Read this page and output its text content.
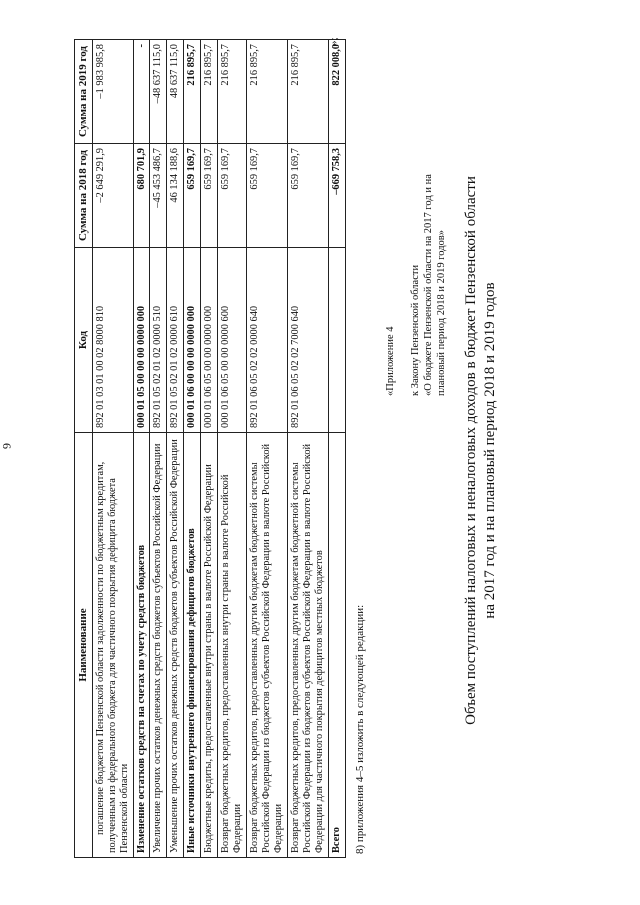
6
Наименование	Код	Сумма на 2018 год	Сумма на 2019 год
погашение бюджетом Пензенской области задолженности по бюджетным кредитам, полученным из федерального бюджета для частичного покрытия дефицита бюджета Пензенской области	892 01 03 01 00 02 8000 810	–2 649 291,9	–1 983 985,8
Изменение остатков средств на счетах по учету средств бюджетов	000 01 05 00 00 00 0000 000	680 701,9	-
Увеличение прочих остатков денежных средств бюджетов субъектов Российской Федерации	892 01 05 02 01 02 0000 510	–45 453 486,7	–48 637 115,0
Уменьшение прочих остатков денежных средств бюджетов субъектов Российской Федерации	892 01 05 02 01 02 0000 610	46 134 188,6	48 637 115,0
Иные источники внутреннего финансирования дефицитов бюджетов	000 01 06 00 00 00 0000 000	659 169,7	216 895,7
Бюджетные кредиты, предоставленные внутри страны в валюте Российской Федерации	000 01 06 05 00 00 0000 000	659 169,7	216 895,7
Возврат бюджетных кредитов, предоставленных внутри страны в валюте Российской Федерации	000 01 06 05 00 00 0000 600	659 169,7	216 895,7
Возврат бюджетных кредитов, предоставленных другим бюджетам бюджетной системы Российской Федерации из бюджетов субъектов Российской Федерации в валюте Российской Федерации	892 01 06 05 02 02 0000 640	659 169,7	216 895,7
Возврат бюджетных кредитов, предоставленных другим бюджетам бюджетной системы Российской Федерации из бюджетов субъектов Российской Федерации в валюте Российской Федерации для частичного покрытия дефицитов местных бюджетов	892 01 06 05 02 02 7000 640	659 169,7	216 895,7
Всего		–669 758,3	822 008,0
»;
8) приложения 4–5 изложить в следующей редакции:
«Приложение 4 к Закону Пензенской области «О бюджете Пензенской области на 2017 год и на плановый период 2018 и 2019 годов» Объем поступлений налоговых и неналоговых доходов в бюджет Пензенской области на 2017 год и на плановый период 2018 и 2019 годов
